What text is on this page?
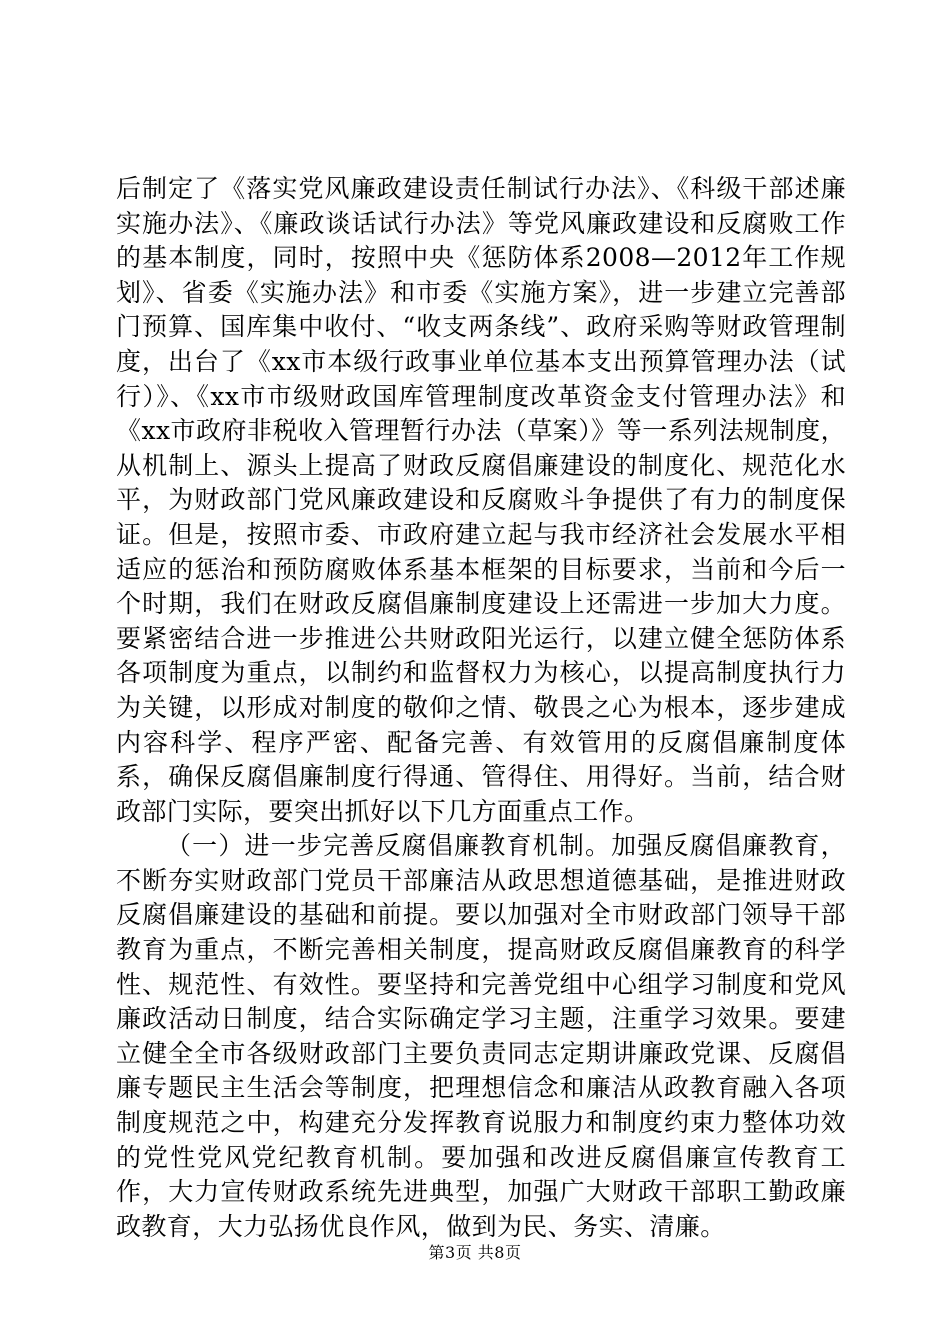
后制定了《落实党风廉政建设责任制试行办法》、《科级干部述廉实施办法》、《廉政谈话试行办法》等党风廉政建设和反腐败工作的基本制度，同时，按照中央《惩防体系2008—2012年工作规划》、省委《实施办法》和市委《实施方案》，进一步建立完善部门预算、国库集中收付、“收支两条线”、政府采购等财政管理制度，出台了《xx市本级行政事业单位基本支出预算管理办法（试行）》、《xx市市级财政国库管理制度改革资金支付管理办法》和《xx市政府非税收入管理暂行办法（草案）》等一系列法规制度，从机制上、源头上提高了财政反腐倡廉建设的制度化、规范化水平，为财政部门党风廉政建设和反腐败斗争提供了有力的制度保证。但是，按照市委、市政府建立起与我市经济社会发展水平相适应的惩治和预防腐败体系基本框架的目标要求，当前和今后一个时期，我们在财政反腐倡廉制度建设上还需进一步加大力度。要紧密结合进一步推进公共财政阳光运行，以建立健全惩防体系各项制度为重点，以制约和监督权力为核心，以提高制度执行力为关键，以形成对制度的敬仰之情、敬畏之心为根本，逐步建成内容科学、程序严密、配备完善、有效管用的反腐倡廉制度体系，确保反腐倡廉制度行得通、管得住、用得好。当前，结合财政部门实际，要突出抓好以下几方面重点工作。

（一）进一步完善反腐倡廉教育机制。加强反腐倡廉教育，不断夯实财政部门党员干部廉洁从政思想道德基础，是推进财政反腐倡廉建设的基础和前提。要以加强对全市财政部门领导干部教育为重点，不断完善相关制度，提高财政反腐倡廉教育的科学性、规范性、有效性。要坚持和完善党组中心组学习制度和党风廉政活动日制度，结合实际确定学习主题，注重学习效果。要建立健全全市各级财政部门主要负责同志定期讲廉政党课、反腐倡廉专题民主生活会等制度，把理想信念和廉洁从政教育融入各项制度规范之中，构建充分发挥教育说服力和制度约束力整体功效的党性党风党纪教育机制。要加强和改进反腐倡廉宣传教育工作，大力宣传财政系统先进典型，加强广大财政干部职工勤政廉政教育，大力弘扬优良作风，做到为民、务实、清廉。

第3页 共8页
